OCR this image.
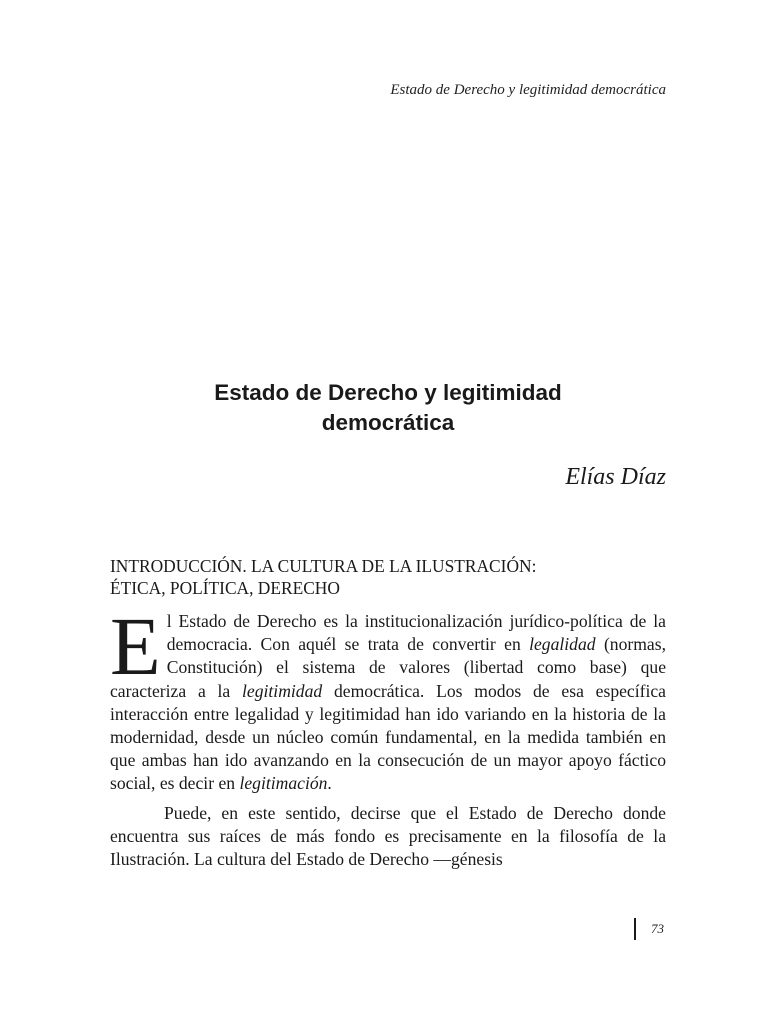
Estado de Derecho y legitimidad democrática
Estado de Derecho y legitimidad
democrática
Elías Díaz
INTRODUCCIÓN. LA CULTURA DE LA ILUSTRACIÓN:
ÉTICA, POLÍTICA, DERECHO

El Estado de Derecho es la institucionalización jurídico-política de la democracia. Con aquél se trata de convertir en legalidad (normas, Constitución) el sistema de valores (libertad como base) que caracteriza a la legitimidad democrática. Los modos de esa específica interacción entre legalidad y legitimidad han ido variando en la historia de la modernidad, desde un núcleo común fundamental, en la medida también en que ambas han ido avanzando en la consecución de un mayor apoyo fáctico social, es decir en legitimación.

Puede, en este sentido, decirse que el Estado de Derecho donde encuentra sus raíces de más fondo es precisamente en la filosofía de la Ilustración. La cultura del Estado de Derecho —génesis

73
